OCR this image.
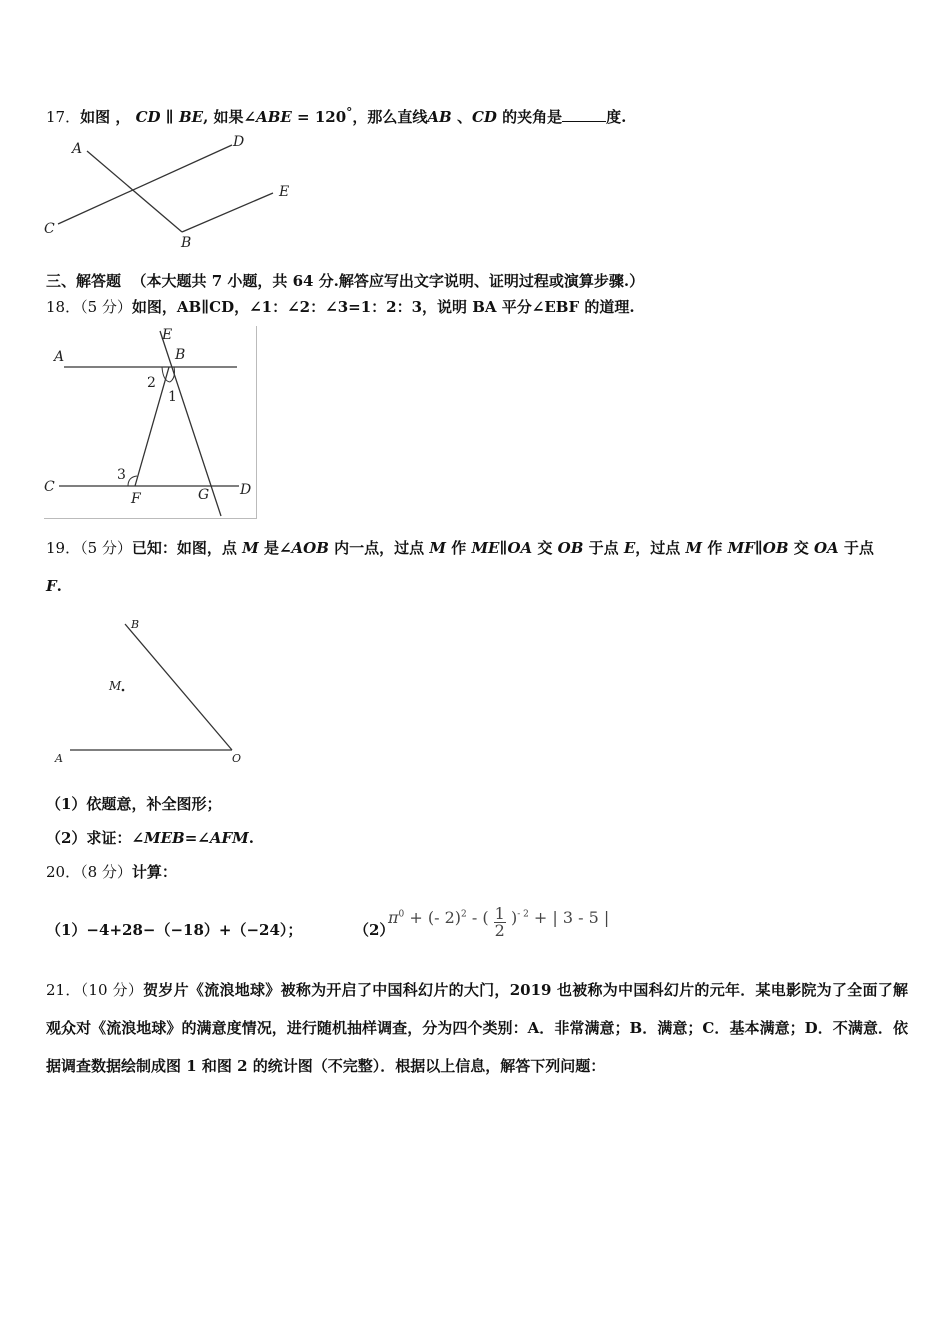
17．如图 ， CD ∥ BE, 如果∠ABE = 120°，那么直线AB 、CD 的夹角是	度.
A	D
E
C
B
三、解答题 （本大题共 7 小题，共 64 分.解答应写出文字说明、证明过程或演算步骤.）
18．（5 分）如图，AB∥CD，∠1：∠2：∠3=1：2：3，说明 BA 平分∠EBF 的道理.
E
A	B
2
1
3
C
F	G D
19．（5 分）已知：如图，点 M 是∠AOB 内一点，过点 M 作 ME∥OA 交 OB 于点 E，过点 M 作 MF∥OB 交 OA 于点
F.
B
M
A	O
（1）依题意，补全图形；
（2）求证：∠MEB=∠AFM.
20．（8 分）计算：
（1）−4+28−（−18）+（−24）；	（2）
$\pi^0$ + (- 2)$^2$ - ( $\frac{1}{2} )^{- 2}$ + | 3 - 5 |
21．（10 分）贺岁片《流浪地球》被称为开启了中国科幻片的大门，2019 也被称为中国科幻片的元年．某电影院为了全面了解观众对《流浪地球》的满意度情况，进行随机抽样调查，分为四个类别：A．非常满意；B．满意；C．基本满意；D．不满意．依据调查数据绘制成图 1 和图 2 的统计图（不完整）．根据以上信息，解答下列问题：
